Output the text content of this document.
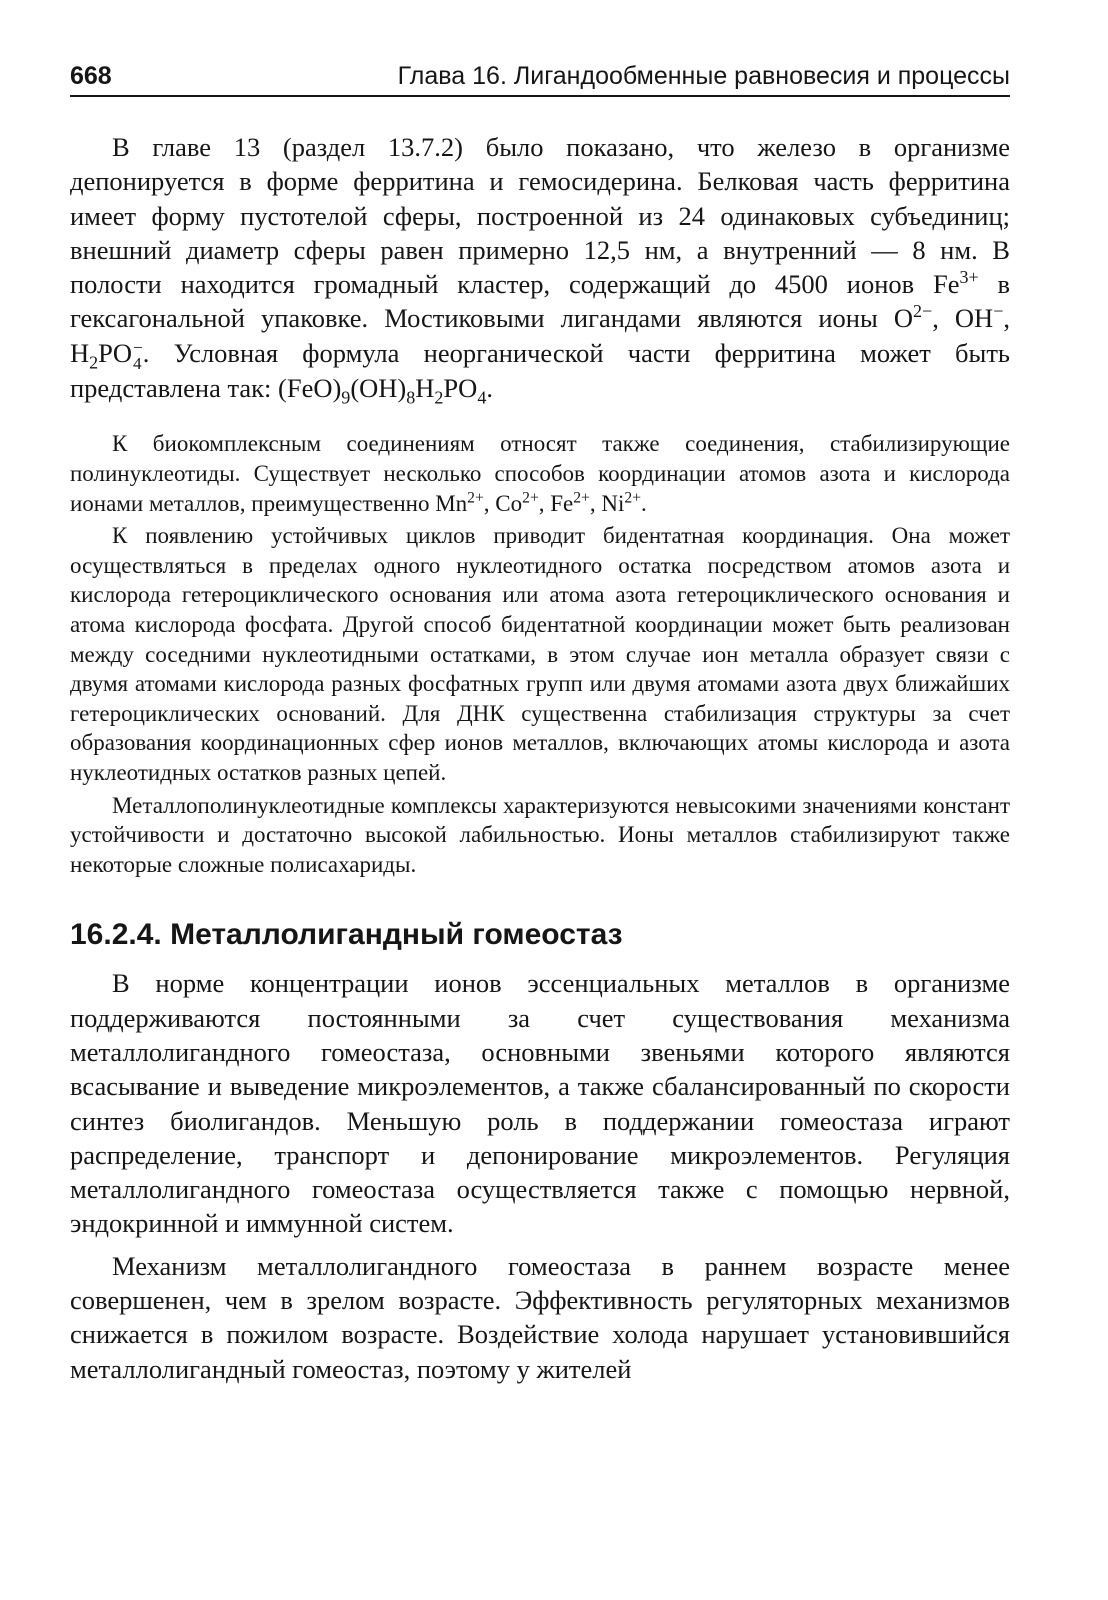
668	Глава 16. Лигандообменные равновесия и процессы

В главе 13 (раздел 13.7.2) было показано, что железо в организме депонируется в форме ферритина и гемосидерина. Белковая часть ферритина имеет форму пустотелой сферы, построенной из 24 одинаковых субъединиц; внешний диаметр сферы равен примерно 12,5 нм, а внутренний — 8 нм. В полости находится громадный кластер, содержащий до 4500 ионов $Fe^{3+}$ в гексагональной упаковке. Мостиковыми лигандами являются ионы $O^{2-}$, OH−, $H_2PO$ −
4 . Условная формула неорганической части ферритина может быть представлена так: $(FeO)_9(OH)_8H_2PO_4$.

К биокомплексным соединениям относят также соединения, стабилизирующие полинуклеотиды. Существует несколько способов координации атомов азота и кислорода ионами металлов, преимущественно $Mn^{2+}$, $Co^{2+}$, $Fe^{2+}$, $Ni^{2+}$.

К появлению устойчивых циклов приводит бидентатная координация. Она может осуществляться в пределах одного нуклеотидного остатка посредством атомов азота и кислорода гетероциклического основания или атома азота гетероциклического основания и атома кислорода фосфата. Другой способ бидентатной координации может быть реализован между соседними нуклеотидными остатками, в этом случае ион металла образует связи с двумя атомами кислорода разных фосфатных групп или двумя атомами азота двух ближайших гетероциклических оснований. Для ДНК существенна стабилизация структуры за счет образования координационных сфер ионов металлов, включающих атомы кислорода и азота нуклеотидных остатков разных цепей.

Металлополинуклеотидные комплексы характеризуются невысокими значениями констант устойчивости и достаточно высокой лабильностью. Ионы металлов стабилизируют также некоторые сложные полисахариды.

16.2.4. Металлолигандный гомеостаз

В норме концентрации ионов эссенциальных металлов в организме поддерживаются постоянными за счет существования механизма металлолигандного гомеостаза, основными звеньями которого являются всасывание и выведение микроэлементов, а также сбалансированный по скорости синтез биолигандов. Меньшую роль в поддержании гомеостаза играют распределение, транспорт и депонирование микроэлементов. Регуляция металлолигандного гомеостаза осуществляется также с помощью нервной, эндокринной и иммунной систем.

Механизм металлолигандного гомеостаза в раннем возрасте менее совершенен, чем в зрелом возрасте. Эффективность регуляторных механизмов снижается в пожилом возрасте. Воздействие холода нарушает установившийся металлолигандный гомеостаз, поэтому у жителей
